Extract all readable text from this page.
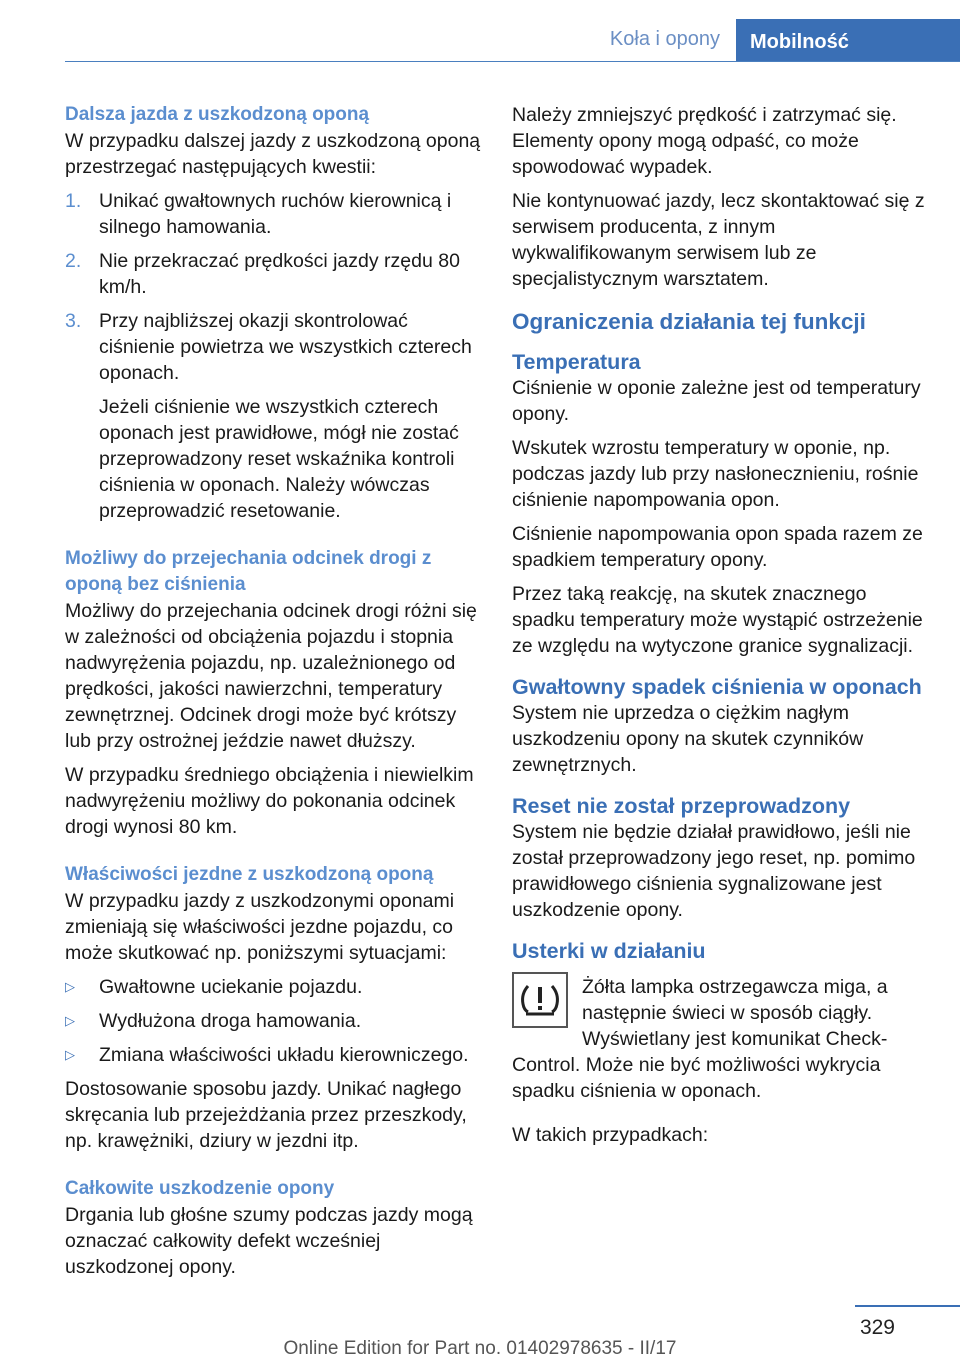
Koła i opony	Mobilność
Dalsza jazda z uszkodzoną oponą

W przypadku dalszej jazdy z uszkodzoną oponą przestrzegać następujących kwestii:

1. Unikać gwałtownych ruchów kierownicą i silnego hamowania.
2. Nie przekraczać prędkości jazdy rzędu 80 km/h.
3. Przy najbliższej okazji skontrolować ciśnienie powietrza we wszystkich czterech oponach.
Jeżeli ciśnienie we wszystkich czterech oponach jest prawidłowe, mógł nie zostać przeprowadzony reset wskaźnika kontroli ciśnienia w oponach. Należy wówczas przeprowadzić resetowanie.
Możliwy do przejechania odcinek drogi z oponą bez ciśnienia

Możliwy do przejechania odcinek drogi różni się w zależności od obciążenia pojazdu i stopnia nadwyrężenia pojazdu, np. uzależnionego od prędkości, jakości nawierzchni, temperatury zewnętrznej. Odcinek drogi może być krótszy lub przy ostrożnej jeździe nawet dłuższy.

W przypadku średniego obciążenia i niewielkim nadwyrężeniu możliwy do pokonania odcinek drogi wynosi 80 km.

Właściwości jezdne z uszkodzoną oponą

W przypadku jazdy z uszkodzonymi oponami zmieniają się właściwości jezdne pojazdu, co może skutkować np. poniższymi sytuacjami:

▷ Gwałtowne uciekanie pojazdu.
▷ Wydłużona droga hamowania.
▷ Zmiana właściwości układu kierowniczego.

Dostosowanie sposobu jazdy. Unikać nagłego skręcania lub przejeżdżania przez przeszkody, np. krawężniki, dziury w jezdni itp.

Całkowite uszkodzenie opony

Drgania lub głośne szumy podczas jazdy mogą oznaczać całkowity defekt wcześniej uszkodzonej opony.

Należy zmniejszyć prędkość i zatrzymać się. Elementy opony mogą odpaść, co może spowodować wypadek.

Nie kontynuować jazdy, lecz skontaktować się z serwisem producenta, z innym wykwalifikowanym serwisem lub ze specjalistycznym warsztatem.

Ograniczenia działania tej funkcji
Temperatura

Ciśnienie w oponie zależne jest od temperatury opony.

Wskutek wzrostu temperatury w oponie, np. podczas jazdy lub przy nasłonecznieniu, rośnie ciśnienie napompowania opon.

Ciśnienie napompowania opon spada razem ze spadkiem temperatury opony.

Przez taką reakcję, na skutek znacznego spadku temperatury może wystąpić ostrzeżenie ze względu na wytyczone granice sygnalizacji.

Gwałtowny spadek ciśnienia w oponach

System nie uprzedza o ciężkim nagłym uszkodzeniu opony na skutek czynników zewnętrznych.

Reset nie został przeprowadzony

System nie będzie działał prawidłowo, jeśli nie został przeprowadzony jego reset, np. pomimo prawidłowego ciśnienia sygnalizowane jest uszkodzenie opony.

Usterki w działaniu

Żółta lampka ostrzegawcza miga, a następnie świeci w sposób ciągły. Wyświetlany jest komunikat Check-Control. Może nie być możliwości wykrycia spadku ciśnienia w oponach.

W takich przypadkach:

329
Online Edition for Part no. 01402978635 - II/17
